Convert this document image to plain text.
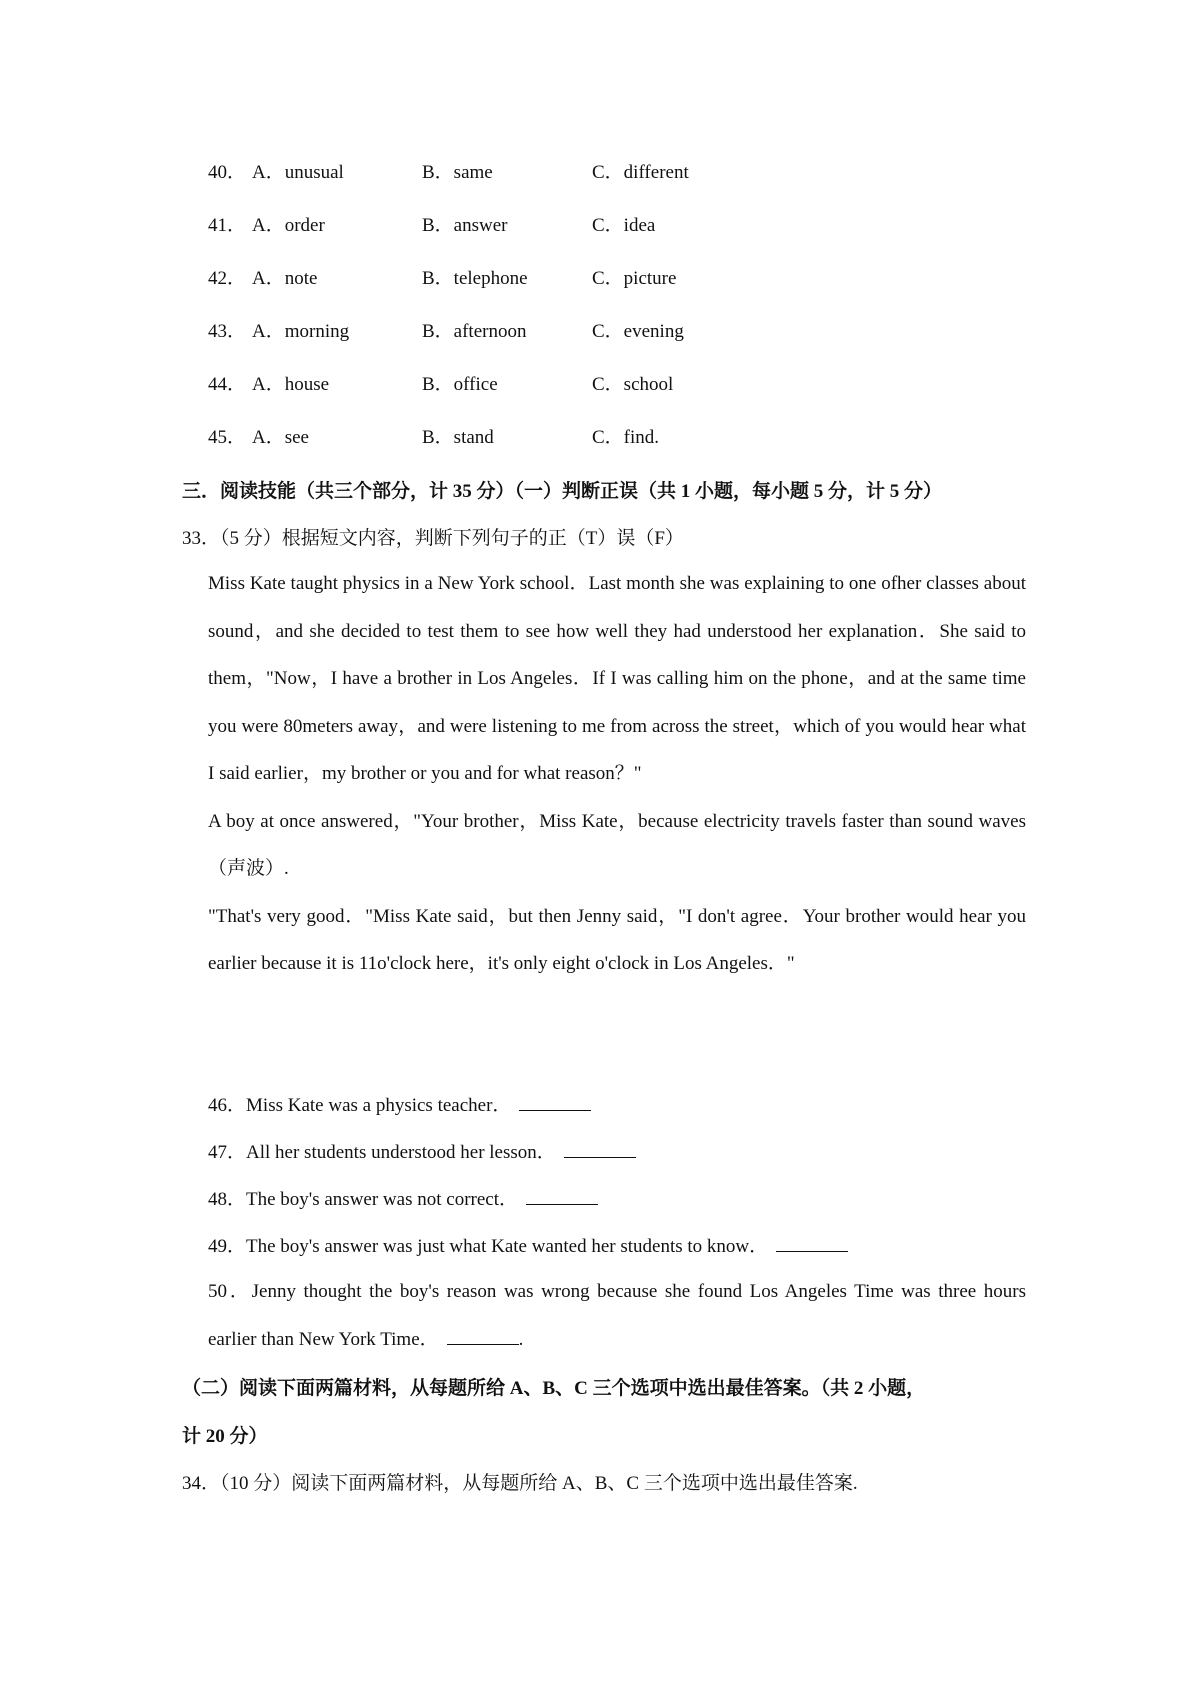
40． A．unusual	B．same	C．different
41． A．order	B．answer	C．idea
42． A．note	B．telephone	C．picture
43． A．morning	B．afternoon	C．evening
44． A．house	B．office	C．school
45． A．see	B．stand	C．find.
三．阅读技能（共三个部分，计 35 分）（一）判断正误（共 1 小题，每小题 5 分，计 5 分）
33．（5 分）根据短文内容，判断下列句子的正（T）误（F）

Miss Kate taught physics in a New York school．Last month she was explaining to one ofher classes about sound，and she decided to test them to see how well they had understood her explanation．She said to them，"Now，I have a brother in Los Angeles．If I was calling him on the phone，and at the same time you were 80meters away，and were listening to me from across the street，which of you would hear what I said earlier，my brother or you and for what reason？"

A boy at once answered，"Your brother，Miss Kate，because electricity travels faster than sound waves（声波）.

"That's very good．"Miss Kate said，but then Jenny said，"I don't agree．Your brother would hear you earlier because it is 11o'clock here，it's only eight o'clock in Los Angeles．"

46．Miss Kate was a physics teacher．
47．All her students understood her lesson．
48．The boy's answer was not correct．
49．The boy's answer was just what Kate wanted her students to know．
50．Jenny thought the boy's reason was wrong because she found Los Angeles Time was three hours earlier than New York Time．	.
（二）阅读下面两篇材料，从每题所给 A、B、C 三个选项中选出最佳答案。（共 2 小题，
计 20 分）
34．（10 分）阅读下面两篇材料，从每题所给 A、B、C 三个选项中选出最佳答案.
